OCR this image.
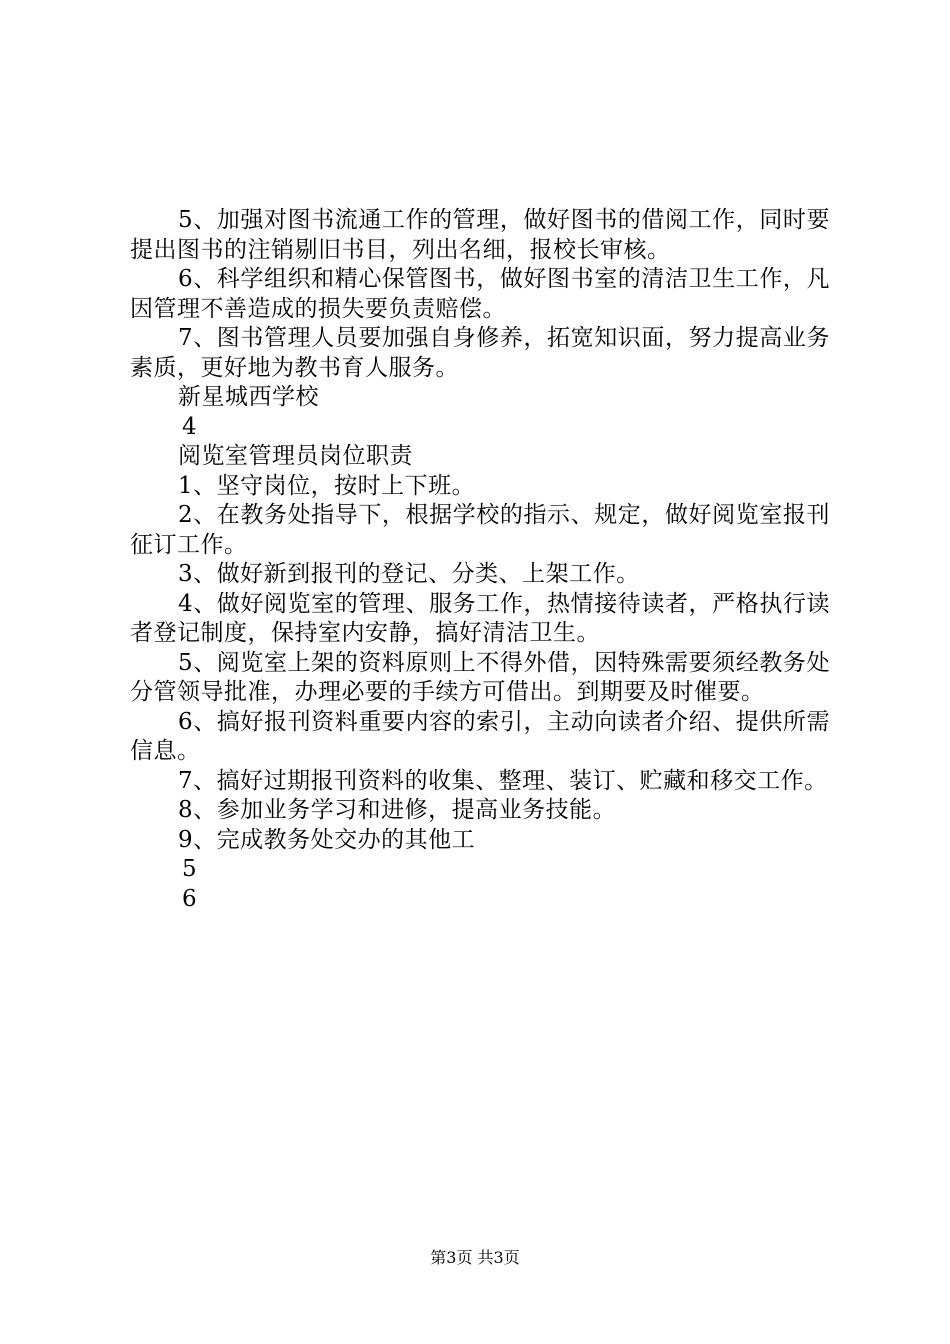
5、加强对图书流通工作的管理，做好图书的借阅工作，同时要提出图书的注销剔旧书目，列出名细，报校长审核。

6、科学组织和精心保管图书，做好图书室的清洁卫生工作，凡因管理不善造成的损失要负责赔偿。

7、图书管理人员要加强自身修养，拓宽知识面，努力提高业务素质，更好地为教书育人服务。

新星城西学校

4

阅览室管理员岗位职责

1、坚守岗位，按时上下班。

2、在教务处指导下，根据学校的指示、规定，做好阅览室报刊征订工作。

3、做好新到报刊的登记、分类、上架工作。

4、做好阅览室的管理、服务工作，热情接待读者，严格执行读者登记制度，保持室内安静，搞好清洁卫生。

5、阅览室上架的资料原则上不得外借，因特殊需要须经教务处分管领导批准，办理必要的手续方可借出。到期要及时催要。

6、搞好报刊资料重要内容的索引，主动向读者介绍、提供所需信息。

7、搞好过期报刊资料的收集、整理、装订、贮藏和移交工作。

8、参加业务学习和进修，提高业务技能。

9、完成教务处交办的其他工

5

6

第3页 共3页
